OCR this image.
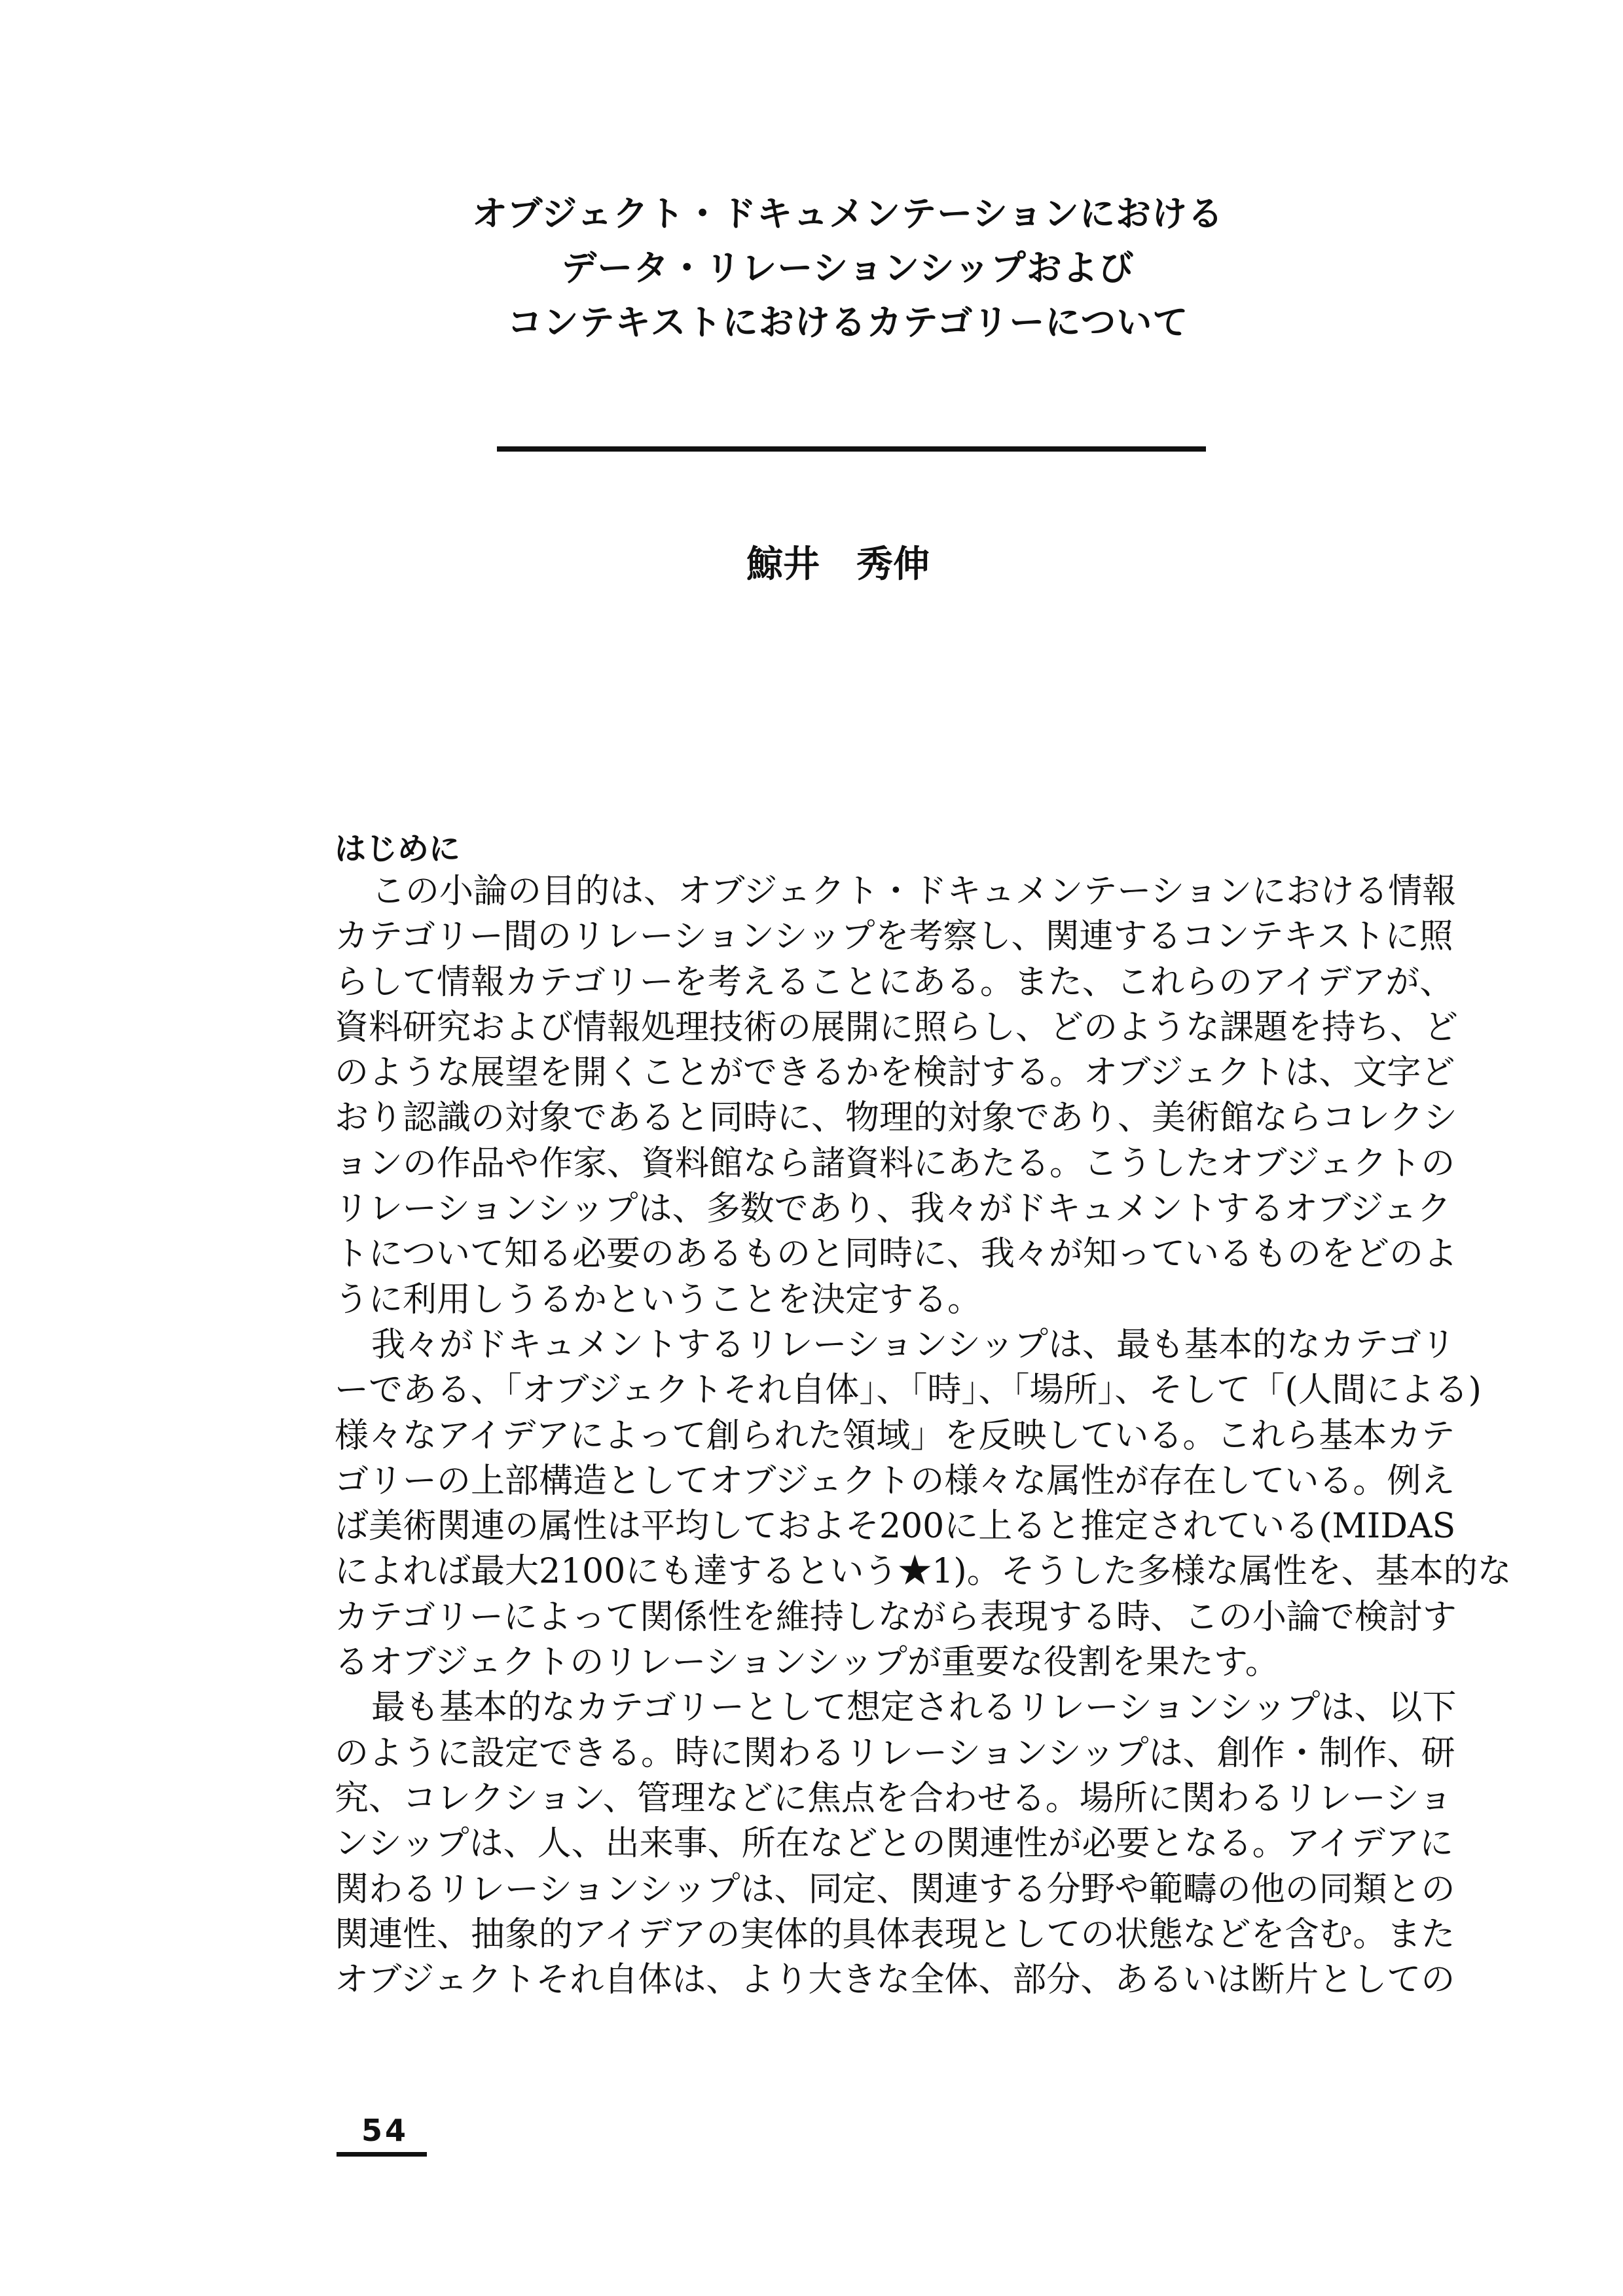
オブジェクト・ドキュメンテーションにおける
データ・リレーションシップおよび
コンテキストにおけるカテゴリーについて
鯨井　秀伸
はじめに
この小論の目的は、オブジェクト・ドキュメンテーションにおける情報
カテゴリー間のリレーションシップを考察し、関連するコンテキストに照
らして情報カテゴリーを考えることにある。また、これらのアイデアが、
資料研究および情報処理技術の展開に照らし、どのような課題を持ち、ど
のような展望を開くことができるかを検討する。オブジェクトは、文字ど
おり認識の対象であると同時に、物理的対象であり、美術館ならコレクシ
ョンの作品や作家、資料館なら諸資料にあたる。こうしたオブジェクトの
リレーションシップは、多数であり、我々がドキュメントするオブジェク
トについて知る必要のあるものと同時に、我々が知っているものをどのよ
うに利用しうるかということを決定する。
我々がドキュメントするリレーションシップは、最も基本的なカテゴリ
ーである、「オブジェクトそれ自体」、「時」、「場所」、そして「(人間による)
様々なアイデアによって創られた領域」を反映している。これら基本カテ
ゴリーの上部構造としてオブジェクトの様々な属性が存在している。例え
ば美術関連の属性は平均しておよそ200に上ると推定されている(MIDAS
によれば最大2100にも達するという★1)。そうした多様な属性を、基本的な
カテゴリーによって関係性を維持しながら表現する時、この小論で検討す
るオブジェクトのリレーションシップが重要な役割を果たす。
最も基本的なカテゴリーとして想定されるリレーションシップは、以下
のように設定できる。時に関わるリレーションシップは、創作・制作、研
究、コレクション、管理などに焦点を合わせる。場所に関わるリレーショ
ンシップは、人、出来事、所在などとの関連性が必要となる。アイデアに
関わるリレーションシップは、同定、関連する分野や範疇の他の同類との
関連性、抽象的アイデアの実体的具体表現としての状態などを含む。また
オブジェクトそれ自体は、より大きな全体、部分、あるいは断片としての
54
